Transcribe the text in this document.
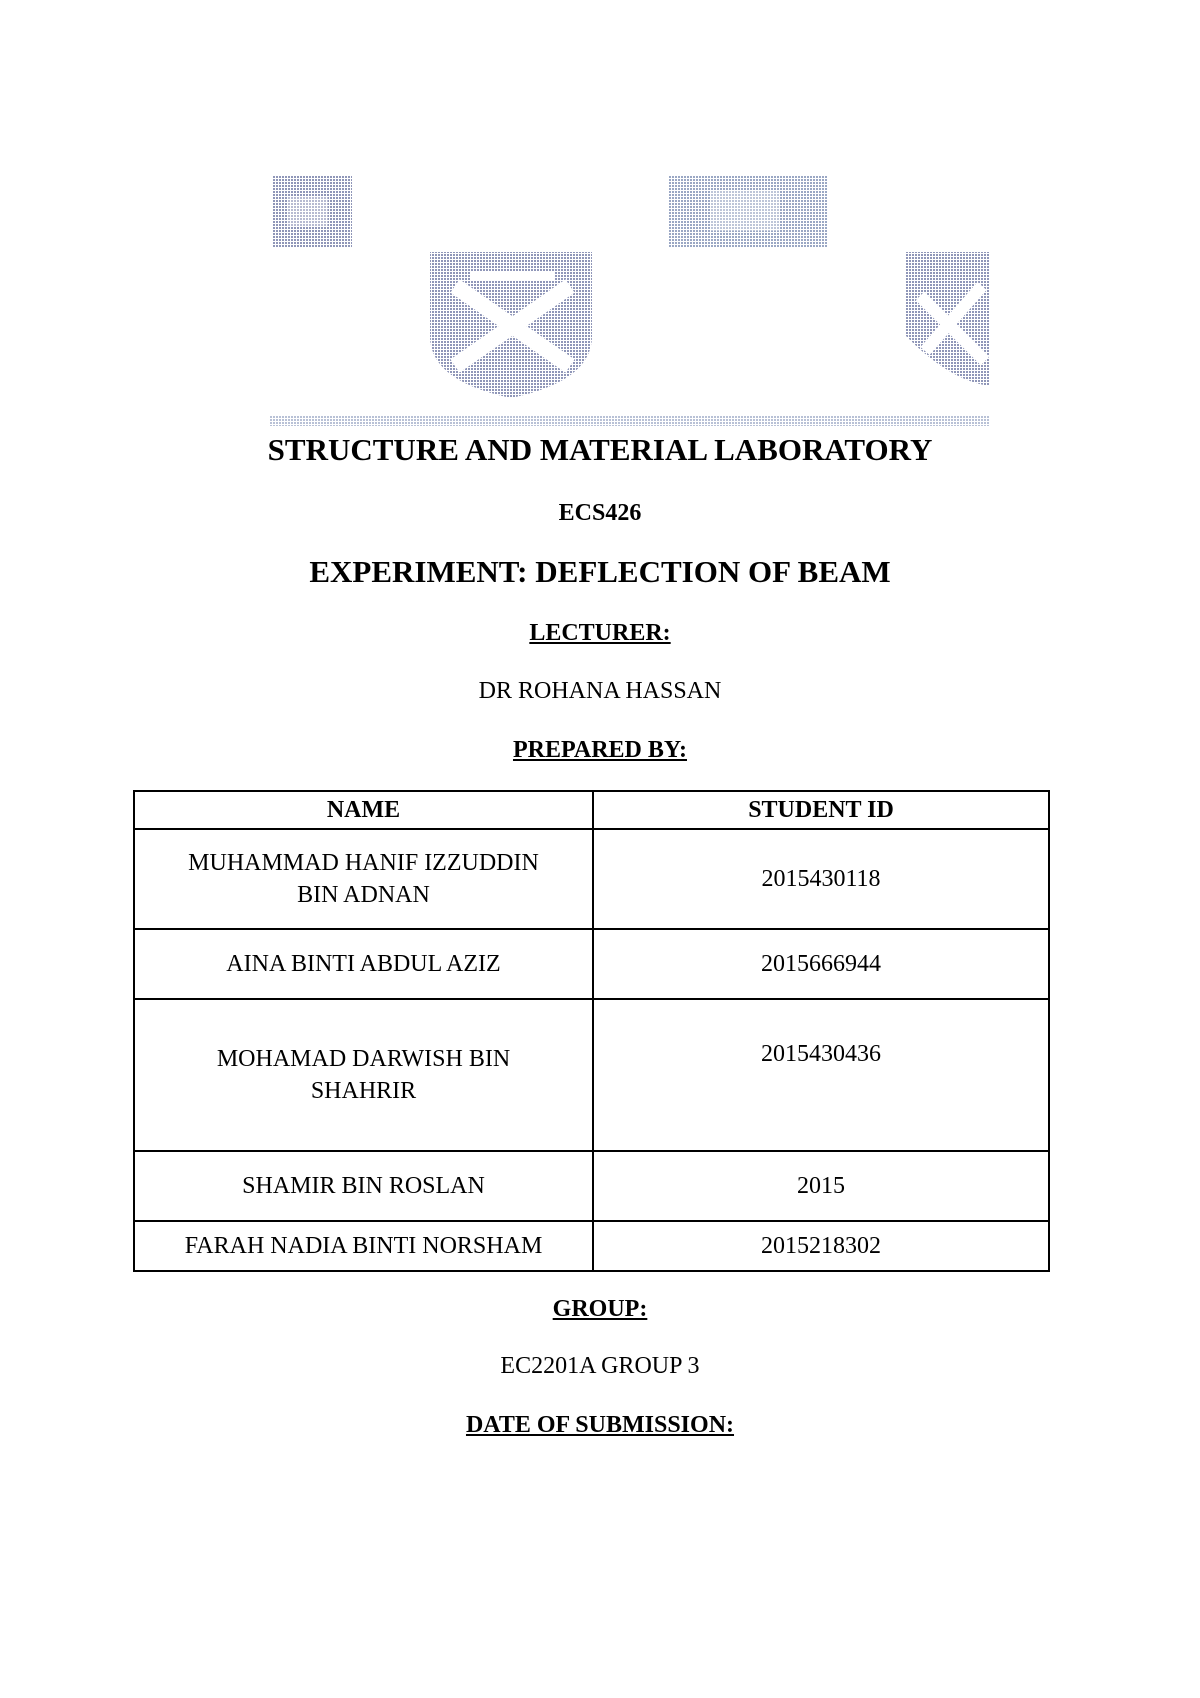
STRUCTURE AND MATERIAL LABORATORY
ECS426
EXPERIMENT: DEFLECTION OF BEAM
LECTURER:
DR ROHANA HASSAN
PREPARED BY:
NAME	STUDENT ID

MUHAMMAD HANIF IZZUDDIN
BIN ADNAN	2015430118

AINA BINTI ABDUL AZIZ	2015666944

MOHAMAD DARWISH BIN
SHAHRIR	2015430436

SHAMIR BIN ROSLAN	2015

FARAH NADIA BINTI NORSHAM	2015218302
GROUP:
EC2201A GROUP 3
DATE OF SUBMISSION:
